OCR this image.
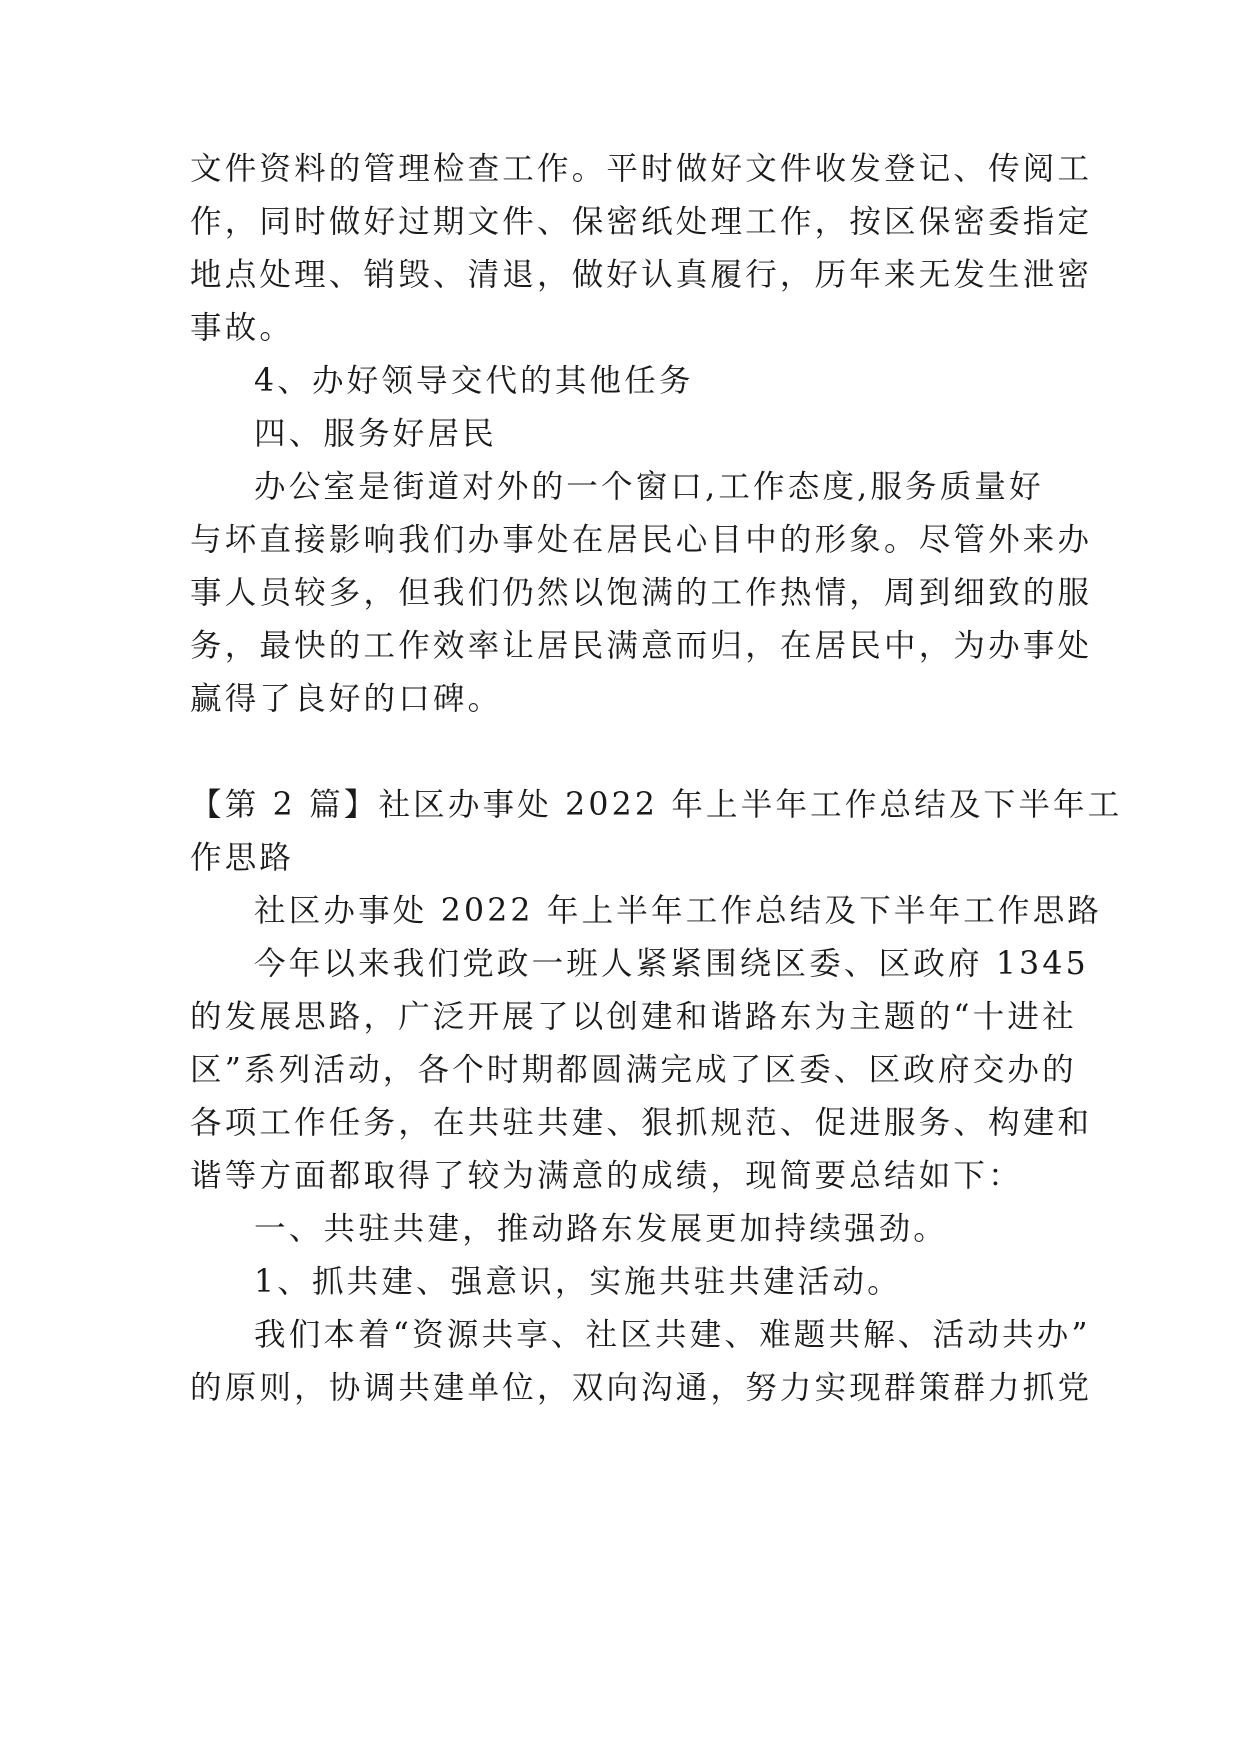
文件资料的管理检查工作。平时做好文件收发登记、传阅工
作，同时做好过期文件、保密纸处理工作，按区保密委指定
地点处理、销毁、清退，做好认真履行，历年来无发生泄密
事故。
4、办好领导交代的其他任务
四、服务好居民
办公室是街道对外的一个窗口,工作态度,服务质量好
与坏直接影响我们办事处在居民心目中的形象。尽管外来办
事人员较多，但我们仍然以饱满的工作热情，周到细致的服
务，最快的工作效率让居民满意而归，在居民中，为办事处
赢得了良好的口碑。
【第 2 篇】社区办事处 2022 年上半年工作总结及下半年工
作思路
社区办事处 2022 年上半年工作总结及下半年工作思路
今年以来我们党政一班人紧紧围绕区委、区政府 1345
的发展思路，广泛开展了以创建和谐路东为主题的“十进社
区”系列活动，各个时期都圆满完成了区委、区政府交办的
各项工作任务，在共驻共建、狠抓规范、促进服务、构建和
谐等方面都取得了较为满意的成绩，现简要总结如下：
一、共驻共建，推动路东发展更加持续强劲。
1、抓共建、强意识，实施共驻共建活动。
我们本着“资源共享、社区共建、难题共解、活动共办”
的原则，协调共建单位，双向沟通，努力实现群策群力抓党
